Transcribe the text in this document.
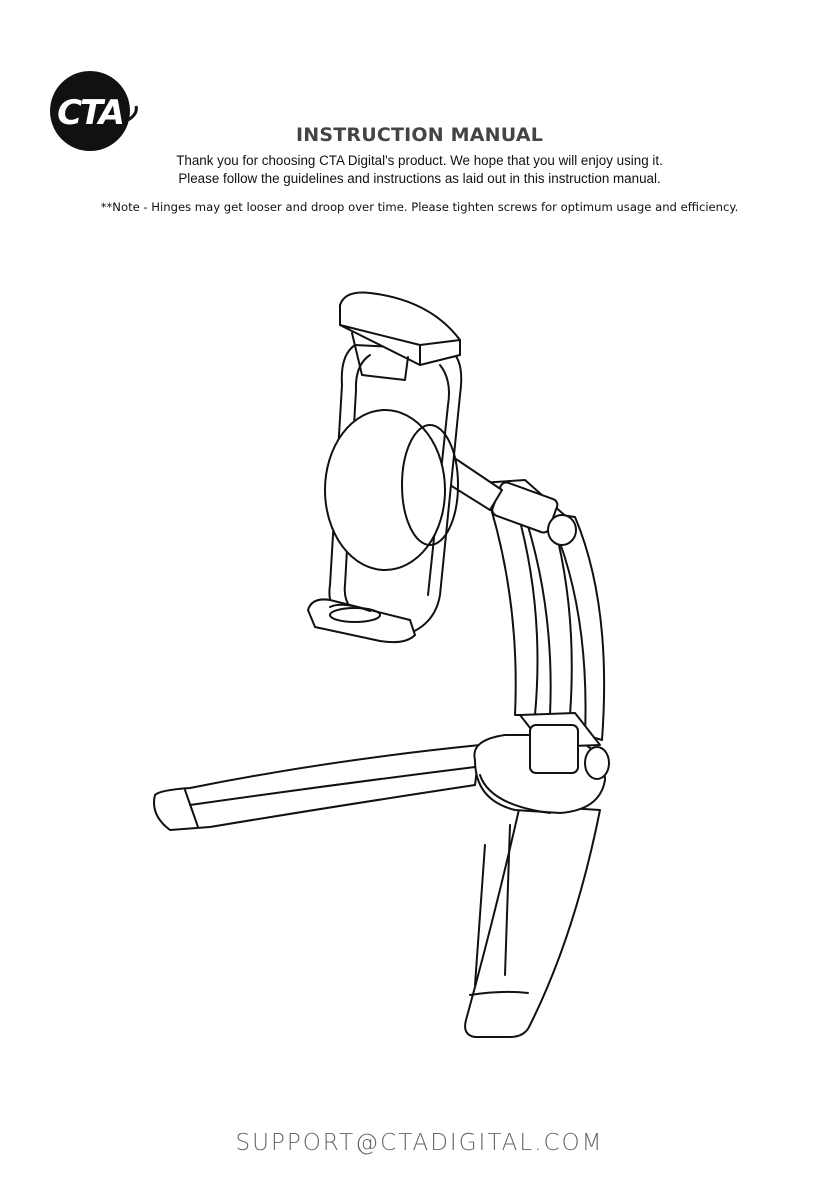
CTA
INSTRUCTION MANUAL
Thank you for choosing CTA Digital's product. We hope that you will enjoy using it.
Please follow the guidelines and instructions as laid out in this instruction manual.
**Note - Hinges may get looser and droop over time. Please tighten screws for optimum usage and efficiency.
SUPPORT@CTADIGITAL.COM
